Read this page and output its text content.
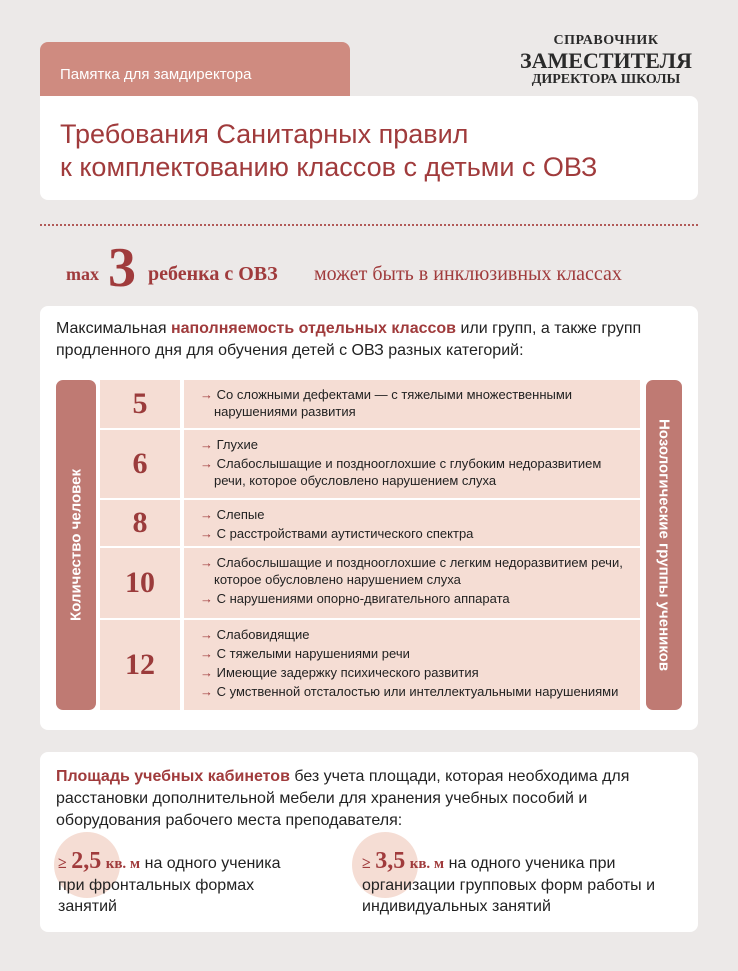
Памятка для замдиректора
СПРАВОЧНИК
ЗАМЕСТИТЕЛЯ
ДИРЕКТОРА ШКОЛЫ
Требования Санитарных правил
к комплектованию классов с детьми с ОВЗ
max 3 ребенка с ОВЗ может быть в инклюзивных классах
Максимальная наполняемость отдельных классов или групп, а также групп продленного дня для обучения детей с ОВЗ разных категорий:
Количество человек	Нозологические группы учеников
5	→ Со сложными дефектами — с тяжелыми множественными нарушениями развития
6
→ Глухие
→ Слабослышащие и позднооглохшие с глубоким недоразвитием речи, которое обусловлено нарушением слуха
8	→ Слепые
→ С расстройствами аутистического спектра
10
→ Слабослышащие и позднооглохшие с легким недоразвитием речи, которое обусловлено нарушением слуха
→ С нарушениями опорно-двигательного аппарата
12
→ Слабовидящие
→ С тяжелыми нарушениями речи
→ Имеющие задержку психического развития
→ С умственной отсталостью или интеллектуальными нарушениями
Площадь учебных кабинетов без учета площади, которая необходима для расстановки дополнительной мебели для хранения учебных пособий и оборудования рабочего места преподавателя:
≥ 2,5 кв. м на одного ученика при фронтальных формах занятий
≥ 3,5 кв. м на одного ученика при организации групповых форм работы и индивидуальных занятий
